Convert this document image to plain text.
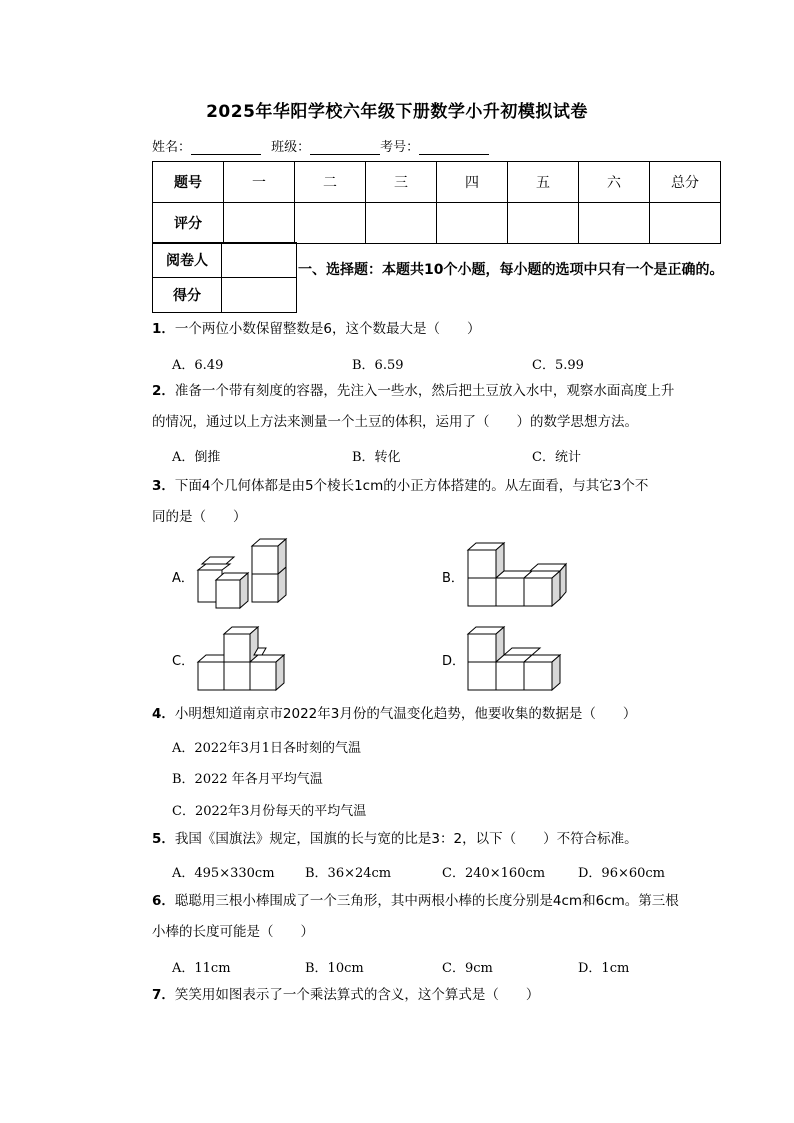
2025年华阳学校六年级下册数学小升初模拟试卷
姓名：	班级：	考号：
题号	一	二	三	四	五	六	总分
评分							
阅卷人	
得分	
一、选择题：本题共10个小题，每小题的选项中只有一个是正确的。
1．一个两位小数保留整数是6，这个数最大是（　　）
A．6.49	B．6.59	C．5.99
2．准备一个带有刻度的容器，先注入一些水，然后把土豆放入水中，观察水面高度上升
的情况，通过以上方法来测量一个土豆的体积，运用了（　　）的数学思想方法。
A．倒推	B．转化	C．统计
3．下面4个几何体都是由5个棱长1cm的小正方体搭建的。从左面看，与其它3个不
同的是（　　）
A．	B．
C．	D．
4．小明想知道南京市2022年3月份的气温变化趋势，他要收集的数据是（　　）
A．2022年3月1日各时刻的气温
B．2022 年各月平均气温
C．2022年3月份每天的平均气温
5．我国《国旗法》规定，国旗的长与宽的比是3：2，以下（　　）不符合标准。
A．495×330cm B．36×24cm	C．240×160cm	D．96×60cm
6．聪聪用三根小棒围成了一个三角形，其中两根小棒的长度分别是4cm和6cm。第三根
小棒的长度可能是（　　）
A．11cm	B．10cm	C．9cm	D．1cm
7．笑笑用如图表示了一个乘法算式的含义，这个算式是（　　）
